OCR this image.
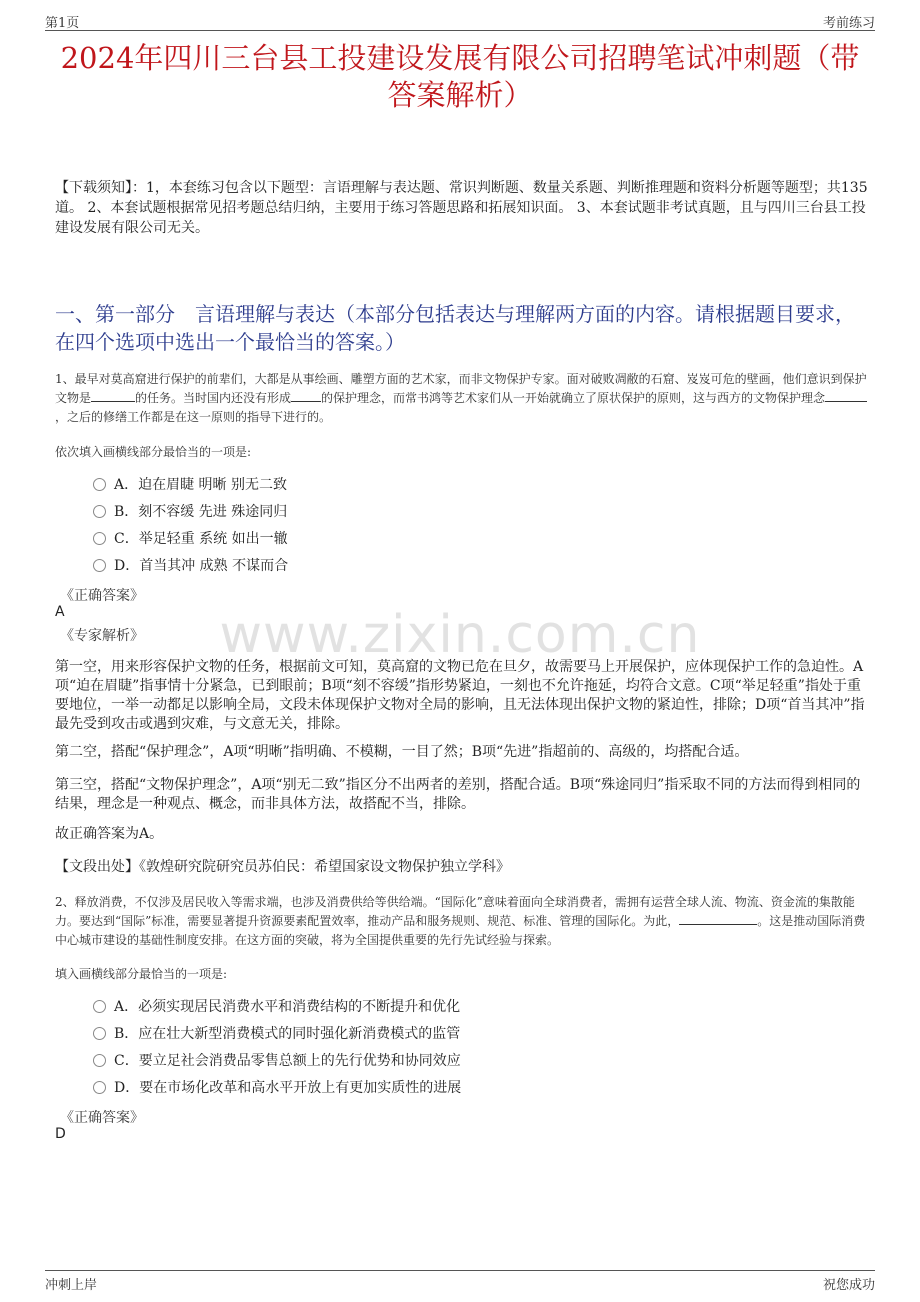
第1页	考前练习
2024年四川三台县工投建设发展有限公司招聘笔试冲刺题（带答案解析）

【下载须知】：1，本套练习包含以下题型：言语理解与表达题、常识判断题、数量关系题、判断推理题和资料分析题等题型；共135道。 2、本套试题根据常见招考题总结归纳，主要用于练习答题思路和拓展知识面。 3、本套试题非考试真题，且与四川三台县工投建设发展有限公司无关。

一、第一部分　言语理解与表达（本部分包括表达与理解两方面的内容。请根据题目要求，在四个选项中选出一个最恰当的答案。）
www.zixin.com.cn

1、最早对莫高窟进行保护的前辈们，大都是从事绘画、雕塑方面的艺术家，而非文物保护专家。面对破败凋敝的石窟、岌岌可危的壁画，他们意识到保护文物是	的任务。当时国内还没有形成	的保护理念，而常书鸿等艺术家们从一开始就确立了原状保护的原则，这与西方的文物保护理念，之后的修缮工作都是在这一原则的指导下进行的。

依次填入画横线部分最恰当的一项是:

A．迫在眉睫 明晰 别无二致
B．刻不容缓 先进 殊途同归
C．举足轻重 系统 如出一辙
D．首当其冲 成熟 不谋而合

《正确答案》

A

《专家解析》

第一空，用来形容保护文物的任务，根据前文可知，莫高窟的文物已危在旦夕，故需要马上开展保护，应体现保护工作的急迫性。A项“迫在眉睫”指事情十分紧急，已到眼前；B项“刻不容缓”指形势紧迫，一刻也不允许拖延，均符合文意。C项“举足轻重”指处于重要地位，一举一动都足以影响全局，文段未体现保护文物对全局的影响，且无法体现出保护文物的紧迫性，排除；D项“首当其冲”指最先受到攻击或遇到灾难，与文意无关，排除。

第二空，搭配“保护理念”，A项“明晰”指明确、不模糊，一目了然；B项“先进”指超前的、高级的，均搭配合适。

第三空，搭配“文物保护理念”，A项“别无二致”指区分不出两者的差别，搭配合适。B项“殊途同归”指采取不同的方法而得到相同的结果，理念是一种观点、概念，而非具体方法，故搭配不当，排除。

故正确答案为A。

【文段出处】《敦煌研究院研究员苏伯民：希望国家设文物保护独立学科》

2、释放消费，不仅涉及居民收入等需求端，也涉及消费供给等供给端。“国际化”意味着面向全球消费者，需拥有运营全球人流、物流、资金流的集散能力。要达到“国际”标准，需要显著提升资源要素配置效率，推动产品和服务规则、规范、标准、管理的国际化。为此，	。这是推动国际消费中心城市建设的基础性制度安排。在这方面的突破，将为全国提供重要的先行先试经验与探索。

填入画横线部分最恰当的一项是:

A．必须实现居民消费水平和消费结构的不断提升和优化
B．应在壮大新型消费模式的同时强化新消费模式的监管
C．要立足社会消费品零售总额上的先行优势和协同效应
D．要在市场化改革和高水平开放上有更加实质性的进展

《正确答案》

D

冲刺上岸	祝您成功
